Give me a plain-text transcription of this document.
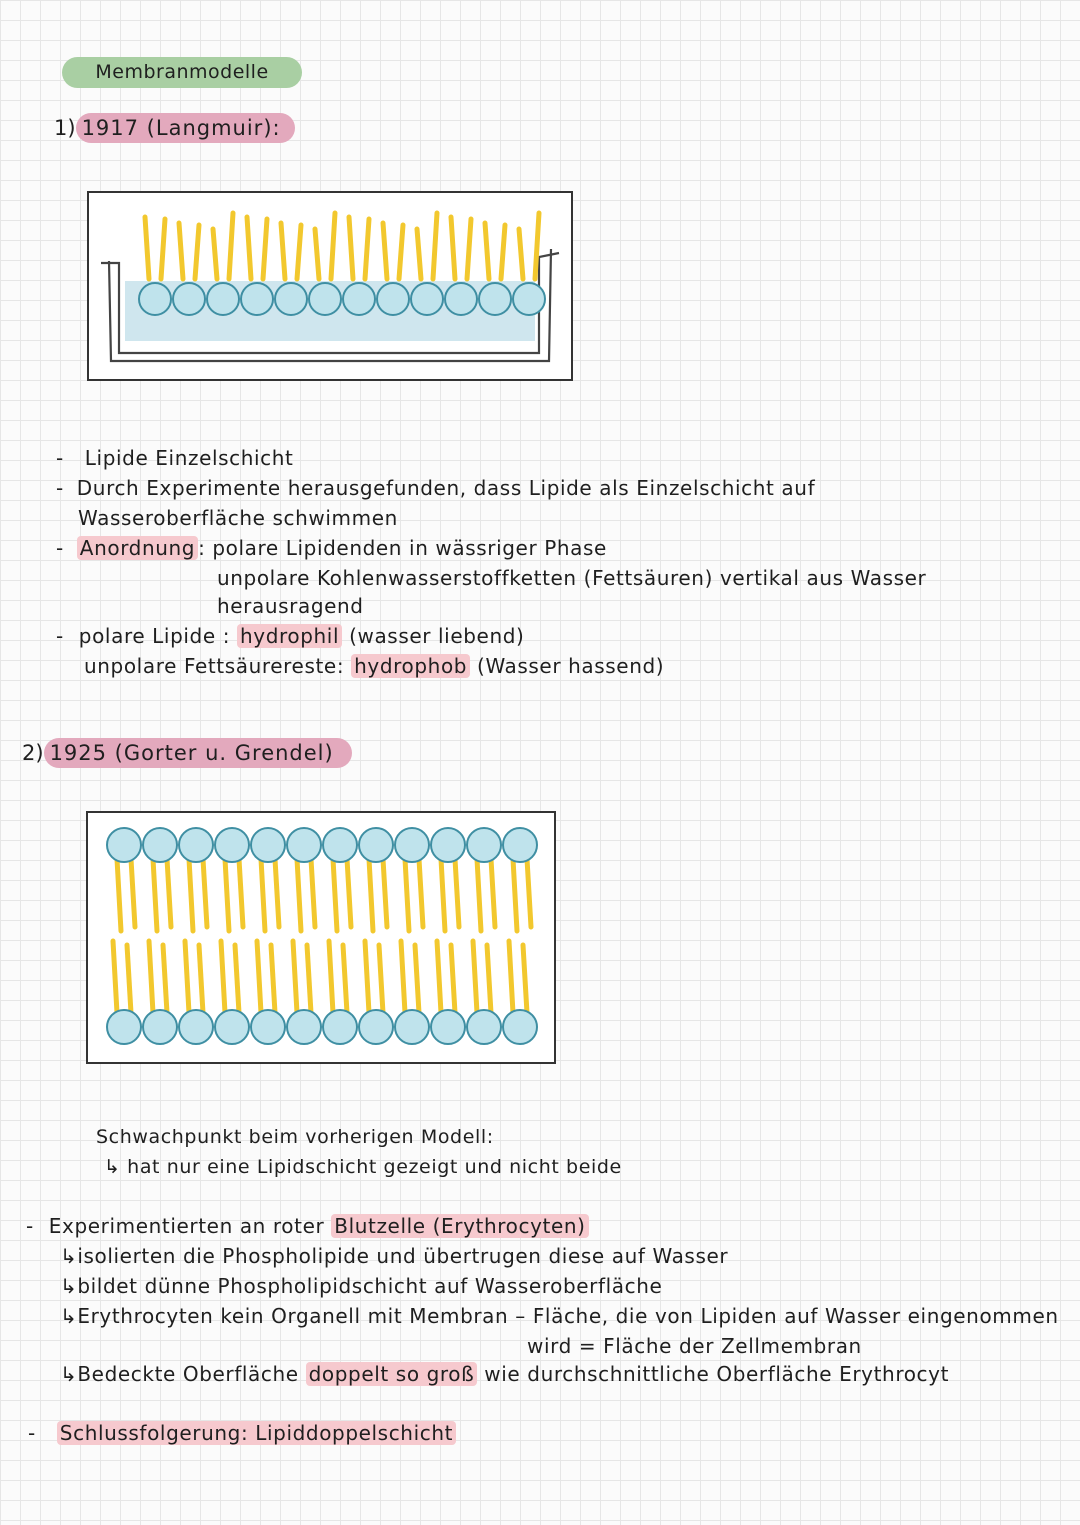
Membranmodelle
1) 1917 (Langmuir):
- Lipide Einzelschicht
- Durch Experimente herausgefunden, dass Lipide als Einzelschicht auf
Wasseroberfläche schwimmen
- Anordnung : polare Lipidenden in wässriger Phase
unpolare Kohlenwasserstoffketten (Fettsäuren) vertikal aus Wasser
herausragend
- polare Lipide : hydrophil (wasser liebend)
unpolare Fettsäurereste: hydrophob (Wasser hassend)
2) 1925 (Gorter u. Grendel)
Schwachpunkt beim vorherigen Modell:
↳ hat nur eine Lipidschicht gezeigt und nicht beide
- Experimentierten an roter Blutzelle (Erythrocyten)
↳isolierten die Phospholipide und übertrugen diese auf Wasser
↳bildet dünne Phospholipidschicht auf Wasseroberfläche
↳Erythrocyten kein Organell mit Membran – Fläche, die von Lipiden auf Wasser eingenommen
wird = Fläche der Zellmembran
↳Bedeckte Oberfläche doppelt so groß wie durchschnittliche Oberfläche Erythrocyt
- Schlussfolgerung: Lipiddoppelschicht
